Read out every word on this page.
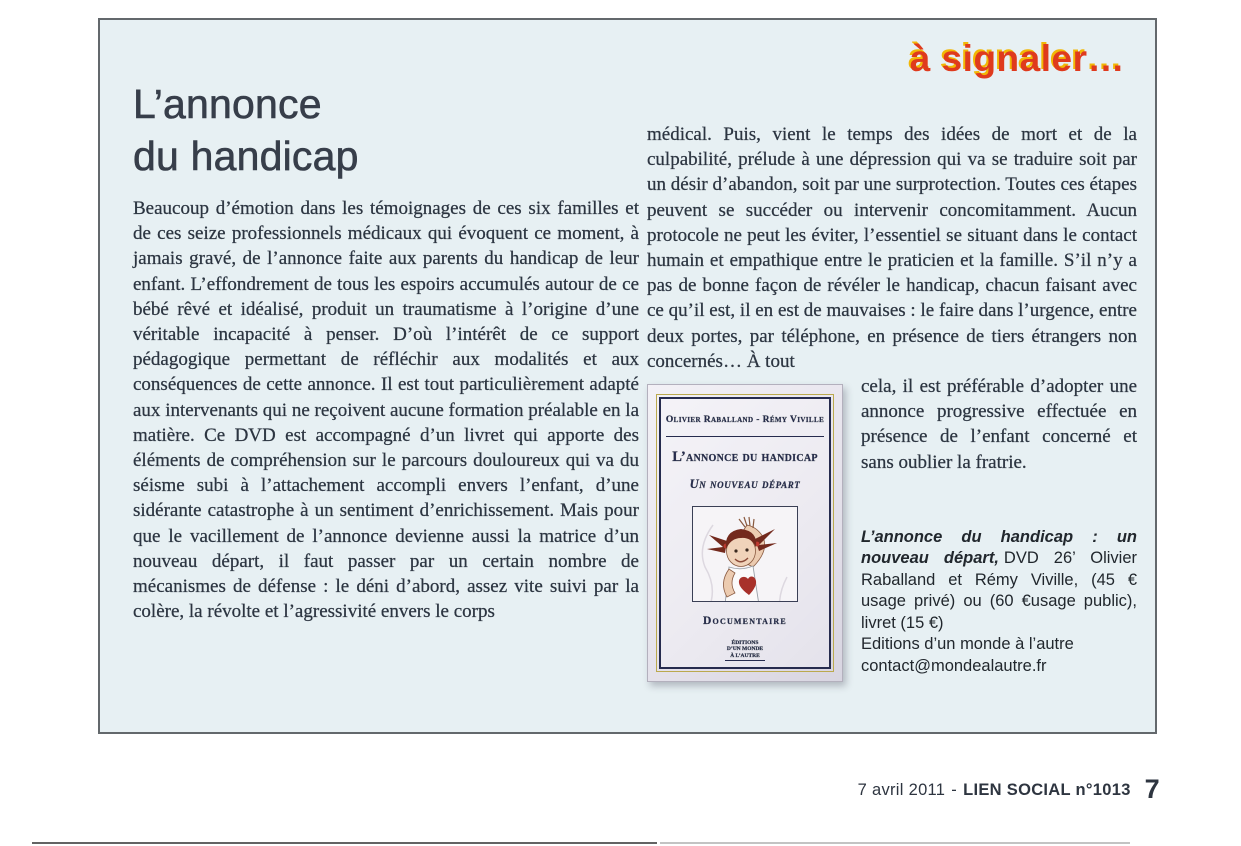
à signaler…
L’annonce
du handicap

Beaucoup d’émotion dans les témoignages de ces six familles et de ces seize professionnels médicaux qui évoquent ce moment, à jamais gravé, de l’annonce faite aux parents du handicap de leur enfant. L’effondrement de tous les espoirs accumulés autour de ce bébé rêvé et idéalisé, produit un traumatisme à l’origine d’une véritable incapacité à penser. D’où l’intérêt de ce support pédagogique permettant de réfléchir aux modalités et aux conséquences de cette annonce. Il est tout particulièrement adapté aux intervenants qui ne reçoivent aucune formation préalable en la matière. Ce DVD est accompagné d’un livret qui apporte des éléments de compréhension sur le parcours douloureux qui va du séisme subi à l’attachement accompli envers l’enfant, d’une sidérante catastrophe à un sentiment d’enrichissement. Mais pour que le vacillement de l’annonce devienne aussi la matrice d’un nouveau départ, il faut passer par un certain nombre de mécanismes de défense : le déni d’abord, assez vite suivi par la colère, la révolte et l’agressivité envers le corps

médical. Puis, vient le temps des idées de mort et de la culpabilité, prélude à une dépression qui va se traduire soit par un désir d’abandon, soit par une surprotection. Toutes ces étapes peuvent se succéder ou intervenir concomitamment. Aucun protocole ne peut les éviter, l’essentiel se situant dans le contact humain et empathique entre le praticien et la famille. S’il n’y a pas de bonne façon de révéler le handicap, chacun faisant avec ce qu’il est, il en est de mauvaises : le faire dans l’urgence, entre deux portes, par téléphone, en présence de tiers étrangers non concernés… À tout

Olivier Raballand - Rémy Viville
L’annonce du handicap
Un nouveau départ
Documentaire
ÉDITIONS
D’UN MONDE
À L’AUTRE

cela, il est préférable d’adopter une annonce progressive effectuée en présence de l’enfant concerné et sans oublier la fratrie.

L’annonce du handicap : un nouveau départ, DVD 26’ Olivier Raballand et Rémy Viville, (45 € usage privé) ou (60 €usage public), livret (15 €)

Editions d’un monde à l’autre
contact@mondealautre.fr
7 avril 2011 - LIEN SOCIAL n°1013 7
